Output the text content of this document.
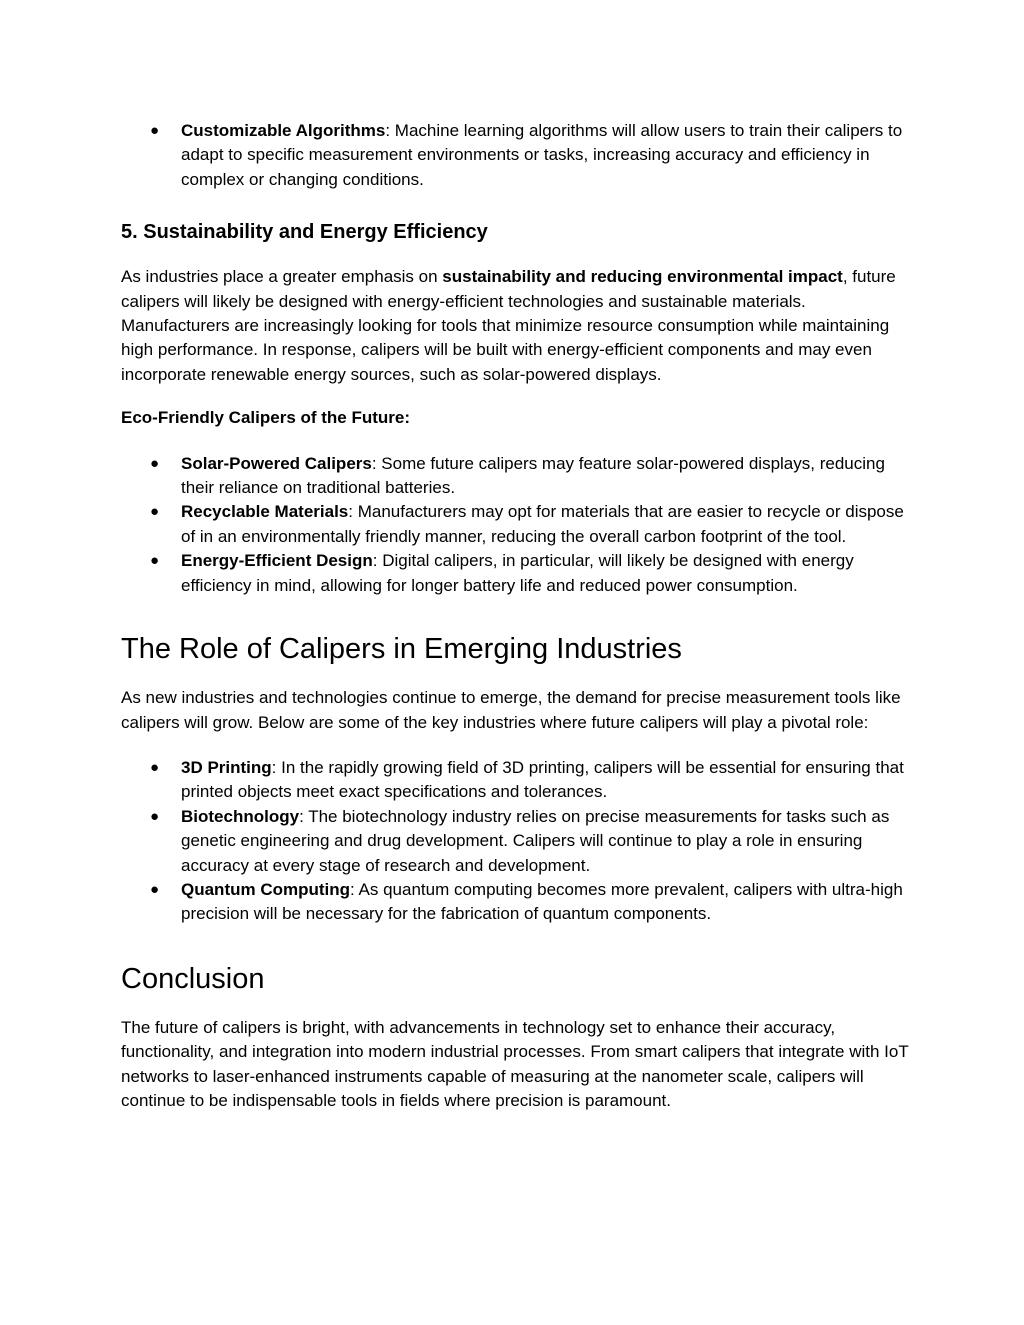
● Customizable Algorithms: Machine learning algorithms will allow users to train their calipers to adapt to specific measurement environments or tasks, increasing accuracy and efficiency in complex or changing conditions.
5. Sustainability and Energy Efficiency

As industries place a greater emphasis on sustainability and reducing environmental impact, future calipers will likely be designed with energy-efficient technologies and sustainable materials. Manufacturers are increasingly looking for tools that minimize resource consumption while maintaining high performance. In response, calipers will be built with energy-efficient components and may even incorporate renewable energy sources, such as solar-powered displays.

Eco-Friendly Calipers of the Future:

● Solar-Powered Calipers: Some future calipers may feature solar-powered displays, reducing their reliance on traditional batteries.
● Recyclable Materials: Manufacturers may opt for materials that are easier to recycle or dispose of in an environmentally friendly manner, reducing the overall carbon footprint of the tool.
● Energy-Efficient Design: Digital calipers, in particular, will likely be designed with energy efficiency in mind, allowing for longer battery life and reduced power consumption.
The Role of Calipers in Emerging Industries

As new industries and technologies continue to emerge, the demand for precise measurement tools like calipers will grow. Below are some of the key industries where future calipers will play a pivotal role:

● 3D Printing: In the rapidly growing field of 3D printing, calipers will be essential for ensuring that printed objects meet exact specifications and tolerances.
● Biotechnology: The biotechnology industry relies on precise measurements for tasks such as genetic engineering and drug development. Calipers will continue to play a role in ensuring accuracy at every stage of research and development.
● Quantum Computing: As quantum computing becomes more prevalent, calipers with ultra-high precision will be necessary for the fabrication of quantum components.
Conclusion

The future of calipers is bright, with advancements in technology set to enhance their accuracy, functionality, and integration into modern industrial processes. From smart calipers that integrate with IoT networks to laser-enhanced instruments capable of measuring at the nanometer scale, calipers will continue to be indispensable tools in fields where precision is paramount.
